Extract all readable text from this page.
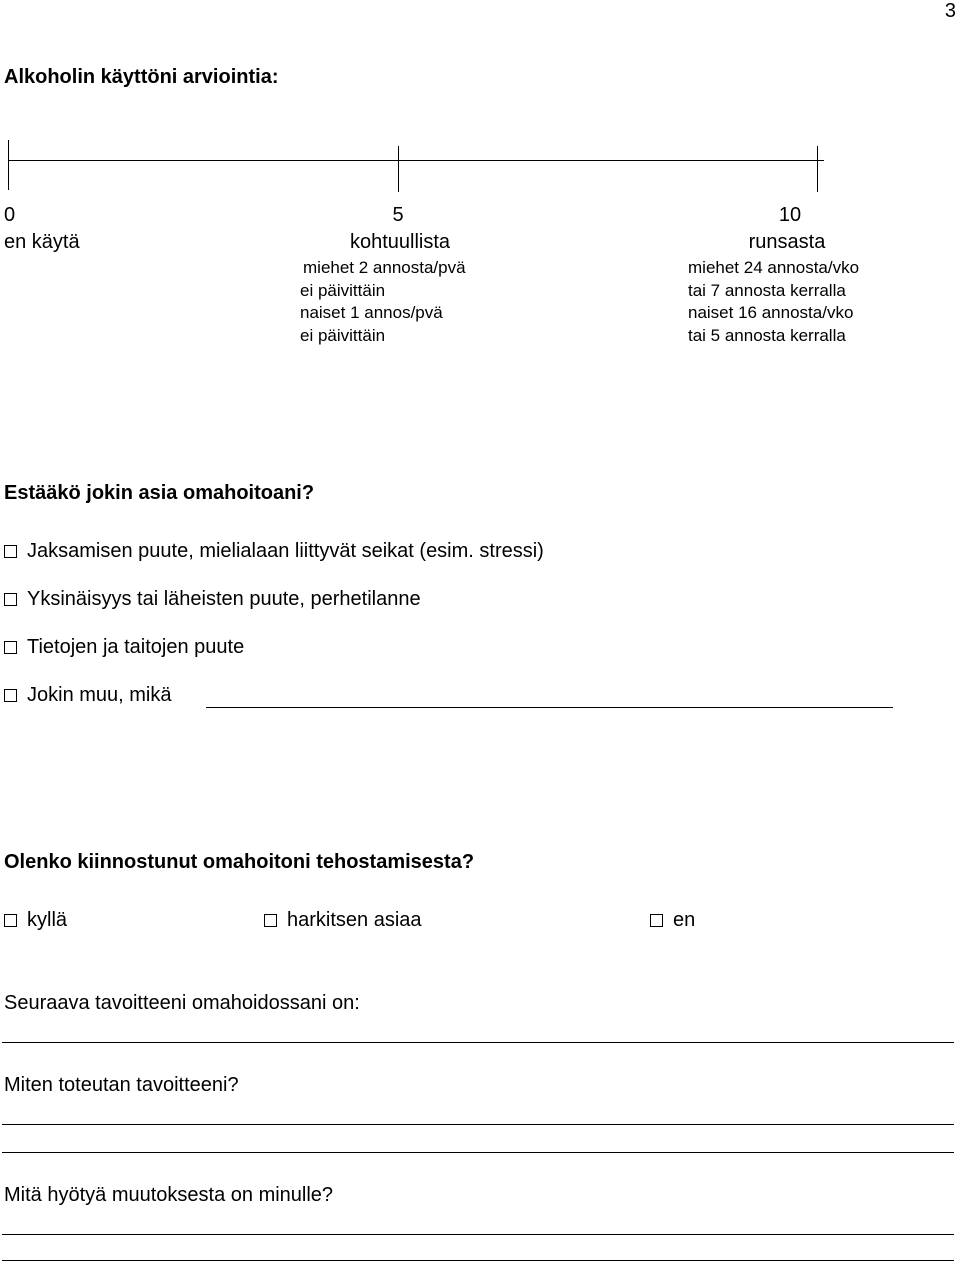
3
Alkoholin käyttöni arviointia:
0
en käytä
5
kohtuullista
miehet 2 annosta/pvä
ei päivittäin
naiset 1 annos/pvä
ei päivittäin
10
runsasta
miehet 24 annosta/vko
tai 7 annosta kerralla
naiset 16 annosta/vko
tai 5 annosta kerralla
Estääkö jokin asia omahoitoani?
Jaksamisen puute, mielialaan liittyvät seikat (esim. stressi)
Yksinäisyys tai läheisten puute, perhetilanne
Tietojen ja taitojen puute
Jokin muu, mikä
Olenko kiinnostunut omahoitoni tehostamisesta?
kyllä	harkitsen asiaa	en
Seuraava tavoitteeni omahoidossani on:
Miten toteutan tavoitteeni?
Mitä hyötyä muutoksesta on minulle?
